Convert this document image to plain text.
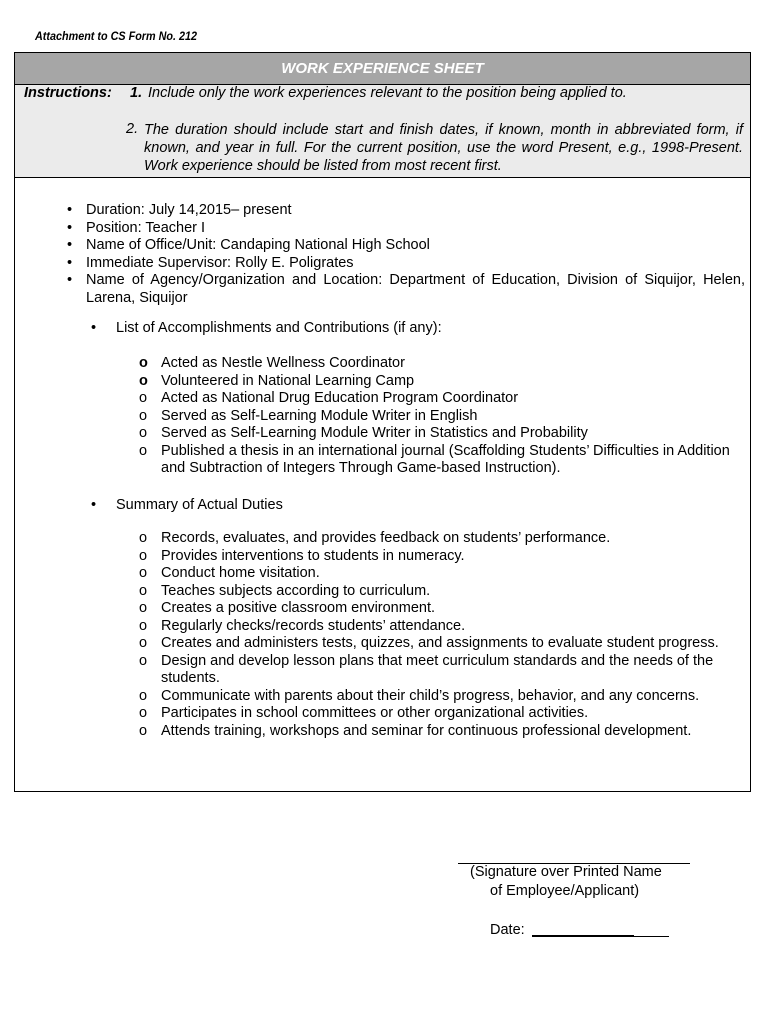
Attachment to CS Form No. 212
WORK EXPERIENCE SHEET
Instructions: 1. Include only the work experiences relevant to the position being applied to.
2. The duration should include start and finish dates, if known, month in abbreviated form, if known, and year in full. For the current position, use the word Present, e.g., 1998-Present. Work experience should be listed from most recent first.
• Duration: July 14,2015– present
• Position: Teacher I
• Name of Office/Unit: Candaping National High School
• Immediate Supervisor: Rolly E. Poligrates
• Name of Agency/Organization and Location: Department of Education, Division of Siquijor, Helen, Larena, Siquijor
• List of Accomplishments and Contributions (if any):
o Acted as Nestle Wellness Coordinator
o Volunteered in National Learning Camp
o Acted as National Drug Education Program Coordinator
o Served as Self-Learning Module Writer in English
o Served as Self-Learning Module Writer in Statistics and Probability
o Published a thesis in an international journal (Scaffolding Students’ Difficulties in Addition and Subtraction of Integers Through Game-based Instruction).
• Summary of Actual Duties
o Records, evaluates, and provides feedback on students’ performance.
o Provides interventions to students in numeracy.
o Conduct home visitation.
o Teaches subjects according to curriculum.
o Creates a positive classroom environment.
o Regularly checks/records students’ attendance.
o Creates and administers tests, quizzes, and assignments to evaluate student progress.
o Design and develop lesson plans that meet curriculum standards and the needs of the students.
o Communicate with parents about their child’s progress, behavior, and any concerns.
o Participates in school committees or other organizational activities.
o Attends training, workshops and seminar for continuous professional development.
(Signature over Printed Name
of Employee/Applicant)
Date:
